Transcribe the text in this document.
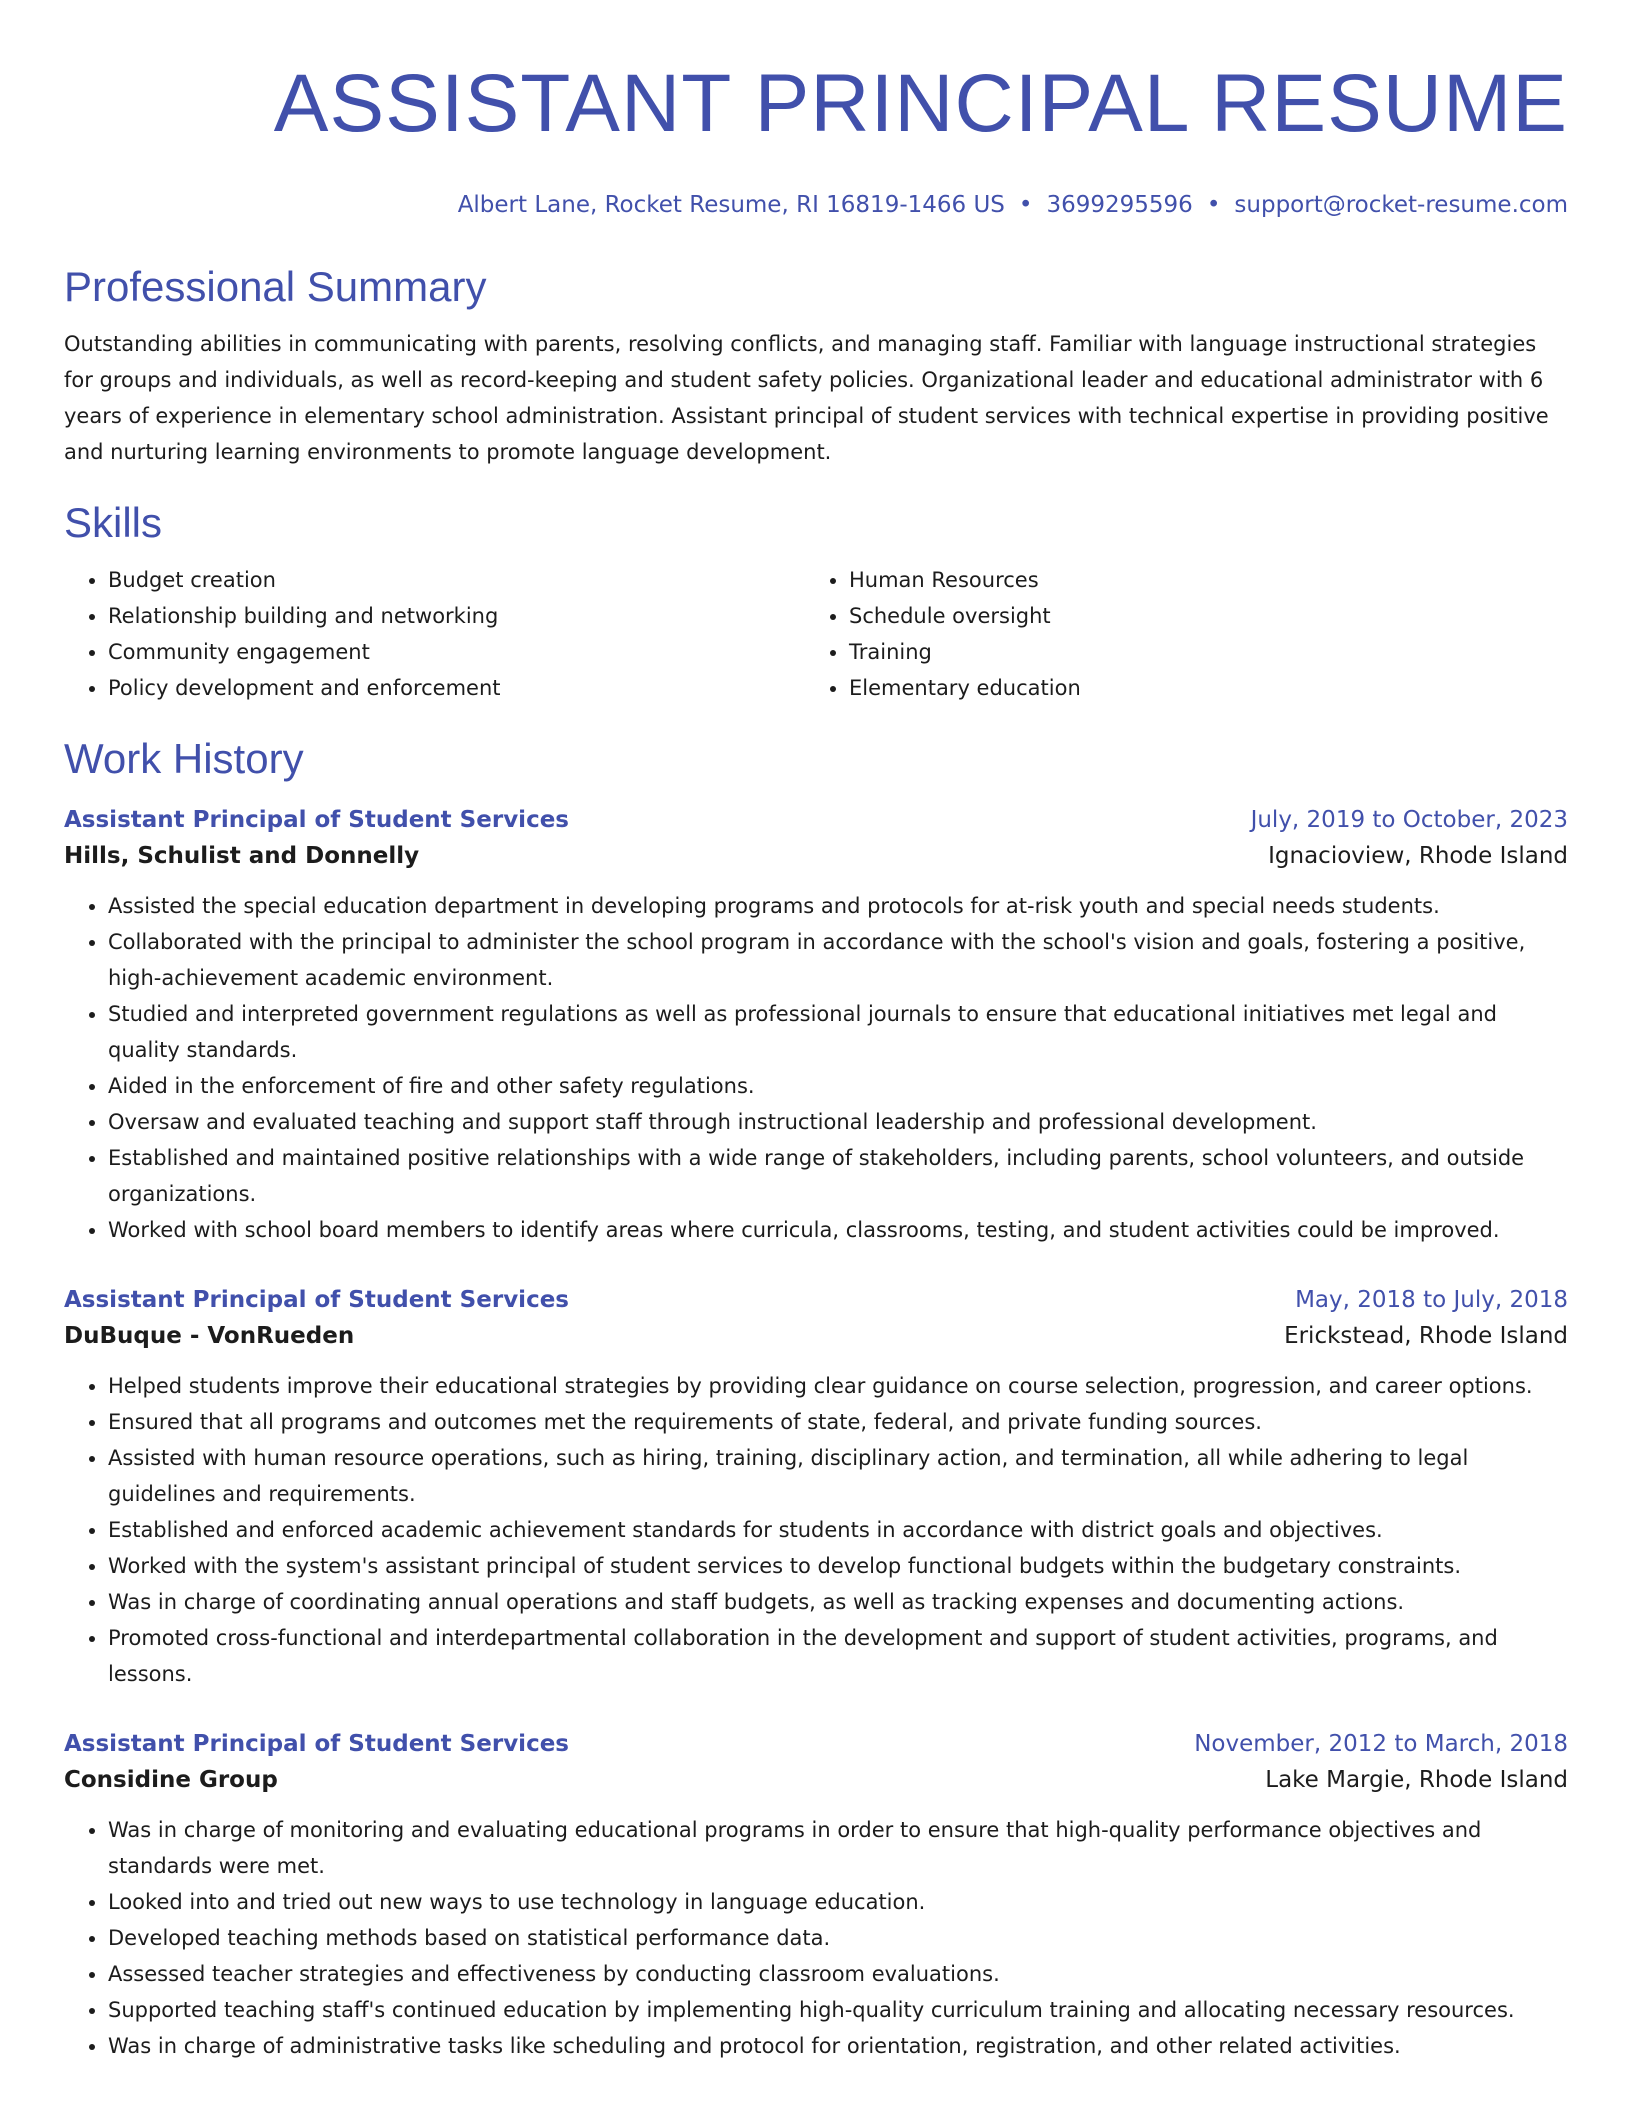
ASSISTANT PRINCIPAL RESUME
Albert Lane, Rocket Resume, RI 16819-1466 US • 3699295596 • support@rocket-resume.com
Professional Summary
Outstanding abilities in communicating with parents, resolving conflicts, and managing staff. Familiar with language instructional strategies for groups and individuals, as well as record-keeping and student safety policies. Organizational leader and educational administrator with 6 years of experience in elementary school administration. Assistant principal of student services with technical expertise in providing positive and nurturing learning environments to promote language development.
Skills
• Budget creation
• Relationship building and networking
• Community engagement
• Policy development and enforcement
• Human Resources
• Schedule oversight
• Training
• Elementary education
Work History
Assistant Principal of Student Services	July, 2019 to October, 2023
Hills, Schulist and Donnelly	Ignacioview, Rhode Island
• Assisted the special education department in developing programs and protocols for at-risk youth and special needs students.
• Collaborated with the principal to administer the school program in accordance with the school's vision and goals, fostering a positive, high-achievement academic environment.
• Studied and interpreted government regulations as well as professional journals to ensure that educational initiatives met legal and quality standards.
• Aided in the enforcement of fire and other safety regulations.
• Oversaw and evaluated teaching and support staff through instructional leadership and professional development.
• Established and maintained positive relationships with a wide range of stakeholders, including parents, school volunteers, and outside organizations.
• Worked with school board members to identify areas where curricula, classrooms, testing, and student activities could be improved.
Assistant Principal of Student Services	May, 2018 to July, 2018
DuBuque - VonRueden	Erickstead, Rhode Island
• Helped students improve their educational strategies by providing clear guidance on course selection, progression, and career options.
• Ensured that all programs and outcomes met the requirements of state, federal, and private funding sources.
• Assisted with human resource operations, such as hiring, training, disciplinary action, and termination, all while adhering to legal guidelines and requirements.
• Established and enforced academic achievement standards for students in accordance with district goals and objectives.
• Worked with the system's assistant principal of student services to develop functional budgets within the budgetary constraints.
• Was in charge of coordinating annual operations and staff budgets, as well as tracking expenses and documenting actions.
• Promoted cross-functional and interdepartmental collaboration in the development and support of student activities, programs, and lessons.
Assistant Principal of Student Services	November, 2012 to March, 2018
Considine Group	Lake Margie, Rhode Island
• Was in charge of monitoring and evaluating educational programs in order to ensure that high-quality performance objectives and standards were met.
• Looked into and tried out new ways to use technology in language education.
• Developed teaching methods based on statistical performance data.
• Assessed teacher strategies and effectiveness by conducting classroom evaluations.
• Supported teaching staff's continued education by implementing high-quality curriculum training and allocating necessary resources.
• Was in charge of administrative tasks like scheduling and protocol for orientation, registration, and other related activities.
